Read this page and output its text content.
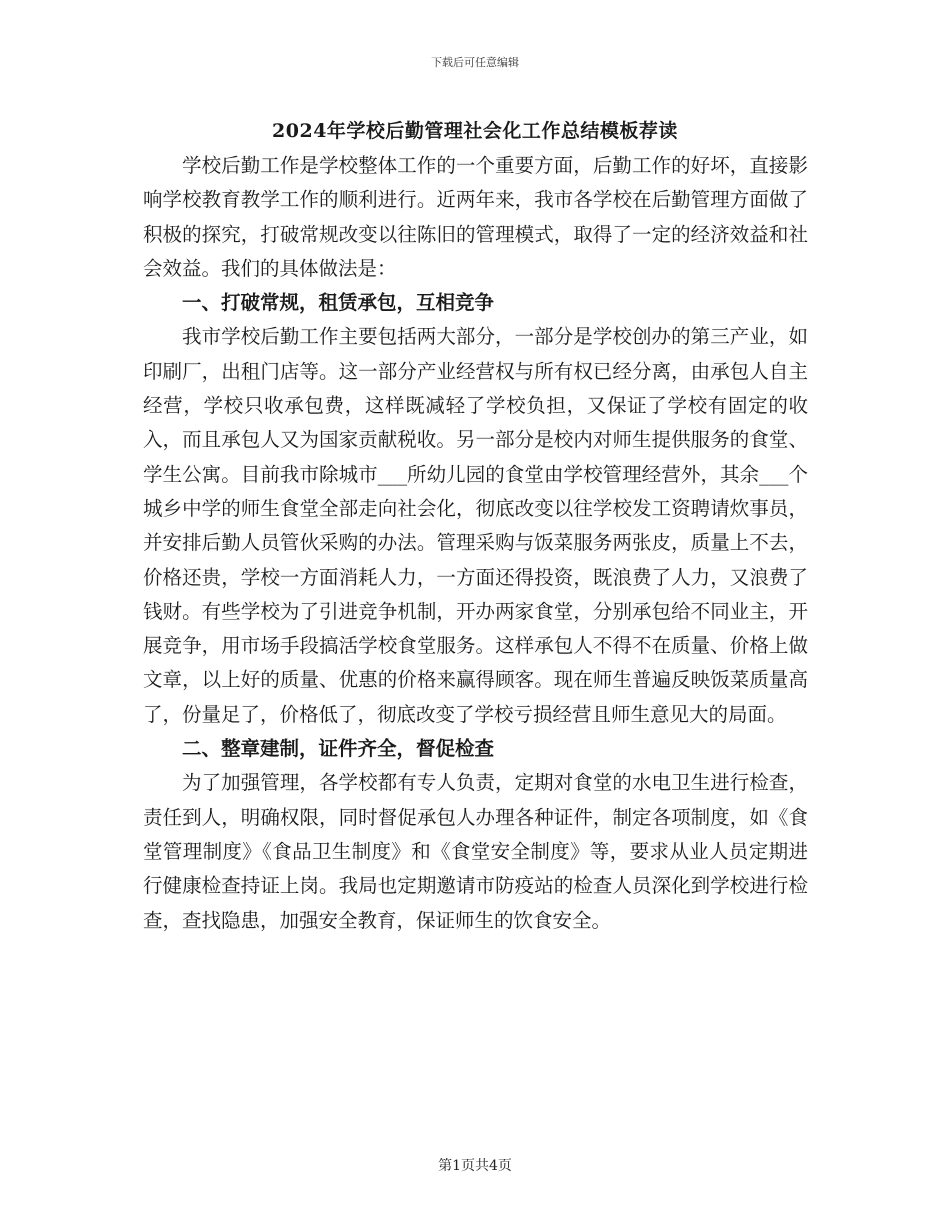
下载后可任意编辑
2024年学校后勤管理社会化工作总结模板荐读

学校后勤工作是学校整体工作的一个重要方面，后勤工作的好坏，直接影响学校教育教学工作的顺利进行。近两年来，我市各学校在后勤管理方面做了积极的探究，打破常规改变以往陈旧的管理模式，取得了一定的经济效益和社会效益。我们的具体做法是：

一、打破常规，租赁承包，互相竞争

我市学校后勤工作主要包括两大部分，一部分是学校创办的第三产业，如印刷厂，出租门店等。这一部分产业经营权与所有权已经分离，由承包人自主经营，学校只收承包费，这样既减轻了学校负担，又保证了学校有固定的收入，而且承包人又为国家贡献税收。另一部分是校内对师生提供服务的食堂、学生公寓。目前我市除城市___所幼儿园的食堂由学校管理经营外，其余___个城乡中学的师生食堂全部走向社会化，彻底改变以往学校发工资聘请炊事员，并安排后勤人员管伙采购的办法。管理采购与饭菜服务两张皮，质量上不去，价格还贵，学校一方面消耗人力，一方面还得投资，既浪费了人力，又浪费了钱财。有些学校为了引进竞争机制，开办两家食堂，分别承包给不同业主，开展竞争，用市场手段搞活学校食堂服务。这样承包人不得不在质量、价格上做文章，以上好的质量、优惠的价格来赢得顾客。现在师生普遍反映饭菜质量高了，份量足了，价格低了，彻底改变了学校亏损经营且师生意见大的局面。

二、整章建制，证件齐全，督促检查

为了加强管理，各学校都有专人负责，定期对食堂的水电卫生进行检查，责任到人，明确权限，同时督促承包人办理各种证件，制定各项制度，如《食堂管理制度》《食品卫生制度》和《食堂安全制度》等，要求从业人员定期进行健康检查持证上岗。我局也定期邀请市防疫站的检查人员深化到学校进行检查，查找隐患，加强安全教育，保证师生的饮食安全。

第1页共4页
